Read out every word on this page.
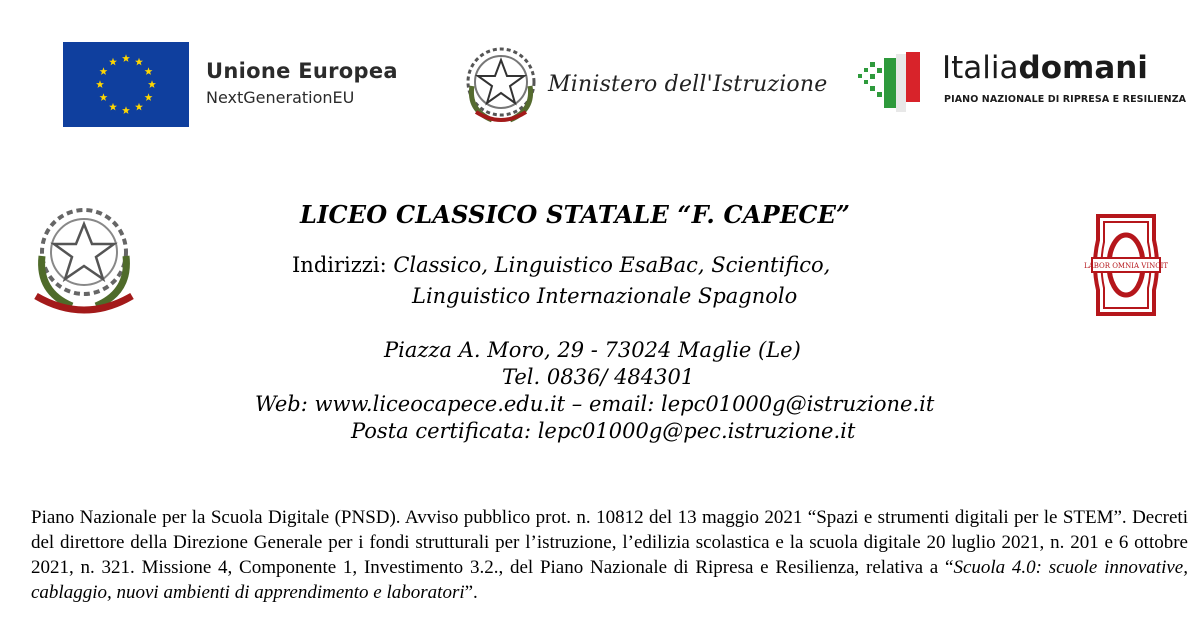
Unione Europea
NextGenerationEU
Ministero dell'Istruzione	Italiadomani
PIANO NAZIONALE DI RIPRESA E RESILIENZA
LABOR OMNIA VINCIT
LICEO CLASSICO STATALE “F. CAPECE”
Indirizzi: Classico, Linguistico EsaBac, Scientifico,
Linguistico Internazionale Spagnolo
Piazza A. Moro, 29 - 73024 Maglie (Le)
Tel. 0836/ 484301
Web: www.liceocapece.edu.it – email: lepc01000g@istruzione.it
Posta certificata: lepc01000g@pec.istruzione.it
Piano Nazionale per la Scuola Digitale (PNSD). Avviso pubblico prot. n. 10812 del 13 maggio 2021 “Spazi e strumenti digitali per le STEM”. Decreti del direttore della Direzione Generale per i fondi strutturali per l’istruzione, l’edilizia scolastica e la scuola digitale 20 luglio 2021, n. 201 e 6 ottobre 2021, n. 321. Missione 4, Componente 1, Investimento 3.2., del Piano Nazionale di Ripresa e Resilienza, relativa a “Scuola 4.0: scuole innovative, cablaggio, nuovi ambienti di apprendimento e laboratori”.
